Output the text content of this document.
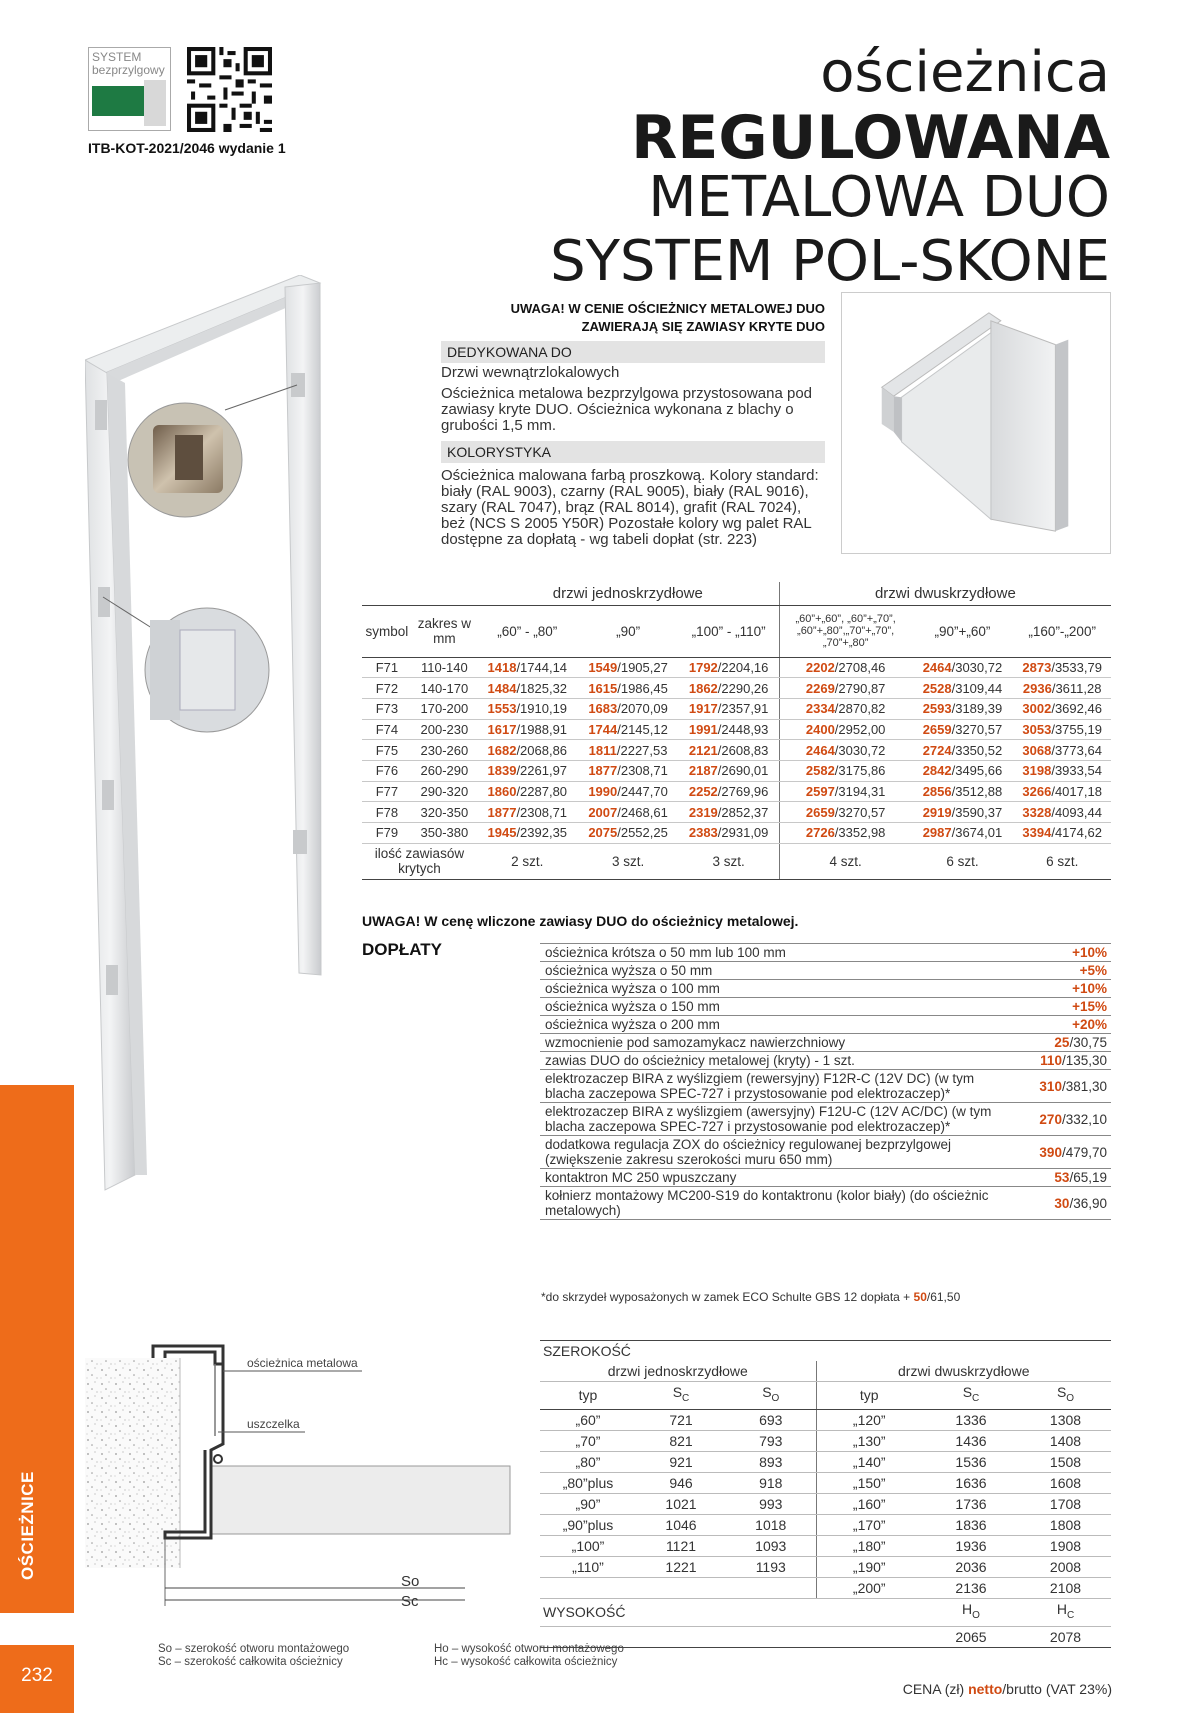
SYSTEM
bezprzylgowy
ITB-KOT-2021/2046 wydanie 1
ościeżnica
REGULOWANA
METALOWA DUO
SYSTEM POL-SKONE
UWAGA! W CENIE OŚCIEŻNICY METALOWEJ DUO
ZAWIERAJĄ SIĘ ZAWIASY KRYTE DUO
DEDYKOWANA DO
Drzwi wewnątrzlokalowych
Ościeżnica metalowa bezprzylgowa przystosowana pod zawiasy kryte DUO. Ościeżnica wykonana z blachy o grubości 1,5 mm.
KOLORYSTYKA
Ościeżnica malowana farbą proszkową. Kolory standard: biały (RAL 9003), czarny (RAL 9005), biały (RAL 9016), szary (RAL 7047), brąz (RAL 8014), grafit (RAL 7024), beż (NCS S 2005 Y50R) Pozostałe kolory wg palet RAL dostępne za dopłatą - wg tabeli dopłat (str. 223)
		drzwi jednoskrzydłowe			drzwi dwuskrzydłowe		
symbol	zakres w mm	„60” - „80”	„90”	„100” - „110”	„60”+„60”, „60”+„70”, „60”+„80”,„70”+„70”, „70”+„80”	„90”+„60”	„160”-„200”
F71	110-140	1418/1744,14	1549/1905,27	1792/2204,16	2202/2708,46	2464/3030,72	2873/3533,79
F72	140-170	1484/1825,32	1615/1986,45	1862/2290,26	2269/2790,87	2528/3109,44	2936/3611,28
F73	170-200	1553/1910,19	1683/2070,09	1917/2357,91	2334/2870,82	2593/3189,39	3002/3692,46
F74	200-230	1617/1988,91	1744/2145,12	1991/2448,93	2400/2952,00	2659/3270,57	3053/3755,19
F75	230-260	1682/2068,86	1811/2227,53	2121/2608,83	2464/3030,72	2724/3350,52	3068/3773,64
F76	260-290	1839/2261,97	1877/2308,71	2187/2690,01	2582/3175,86	2842/3495,66	3198/3933,54
F77	290-320	1860/2287,80	1990/2447,70	2252/2769,96	2597/3194,31	2856/3512,88	3266/4017,18
F78	320-350	1877/2308,71	2007/2468,61	2319/2852,37	2659/3270,57	2919/3590,37	3328/4093,44
F79	350-380	1945/2392,35	2075/2552,25	2383/2931,09	2726/3352,98	2987/3674,01	3394/4174,62
ilość zawiasów krytych		2 szt.	3 szt.	3 szt.	4 szt.	6 szt.	6 szt.
UWAGA! W cenę wliczone zawiasy DUO do ościeżnicy metalowej.
DOPŁATY	ościeżnica krótsza o 50 mm lub 100 mm	+10%
ościeżnica wyższa o 50 mm	+5%
ościeżnica wyższa o 100 mm	+10%
ościeżnica wyższa o 150 mm	+15%
ościeżnica wyższa o 200 mm	+20%
wzmocnienie pod samozamykacz nawierzchniowy	25/30,75
zawias DUO do ościeżnicy metalowej (kryty) - 1 szt.	110/135,30
elektrozaczep BIRA z wyślizgiem (rewersyjny) F12R-C (12V DC) (w tym blacha zaczepowa SPEC-727 i przystosowanie pod elektrozaczep)*	310/381,30
elektrozaczep BIRA z wyślizgiem (awersyjny) F12U-C (12V AC/DC) (w tym blacha zaczepowa SPEC-727 i przystosowanie pod elektrozaczep)*	270/332,10
dodatkowa regulacja ZOX do ościeżnicy regulowanej bezprzylgowej (zwiększenie zakresu szerokości muru 650 mm)	390/479,70
kontaktron MC 250 wpuszczany	53/65,19
kołnierz montażowy MC200-S19 do kontaktronu (kolor biały) (do ościeżnic metalowych)	30/36,90
*do skrzydeł wyposażonych w zamek ECO Schulte GBS 12 dopłata + 50/61,50
ościeżnica metalowa
uszczelka
So
Sc
SZEROKOŚĆ					
drzwi jednoskrzydłowe			drzwi dwuskrzydłowe		
typ	$S_C$	$S_O$	typ	$S_C$	$S_O$
„60”	721	693	„120”	1336	1308
„70”	821	793	„130”	1436	1408
„80”	921	893	„140”	1536	1508
„80”plus	946	918	„150”	1636	1608
„90”	1021	993	„160”	1736	1708
„90”plus	1046	1018	„170”	1836	1808
„100”	1121	1093	„180”	1936	1908
„110”	1221	1193	„190”	2036	2008
			„200”	2136	2108
WYSOKOŚĆ				$H_O$	$H_C$
				2065	2078
OŚCIEŻNICE
232
So – szerokość otworu montażowego
Sc – szerokość całkowita ościeżnicy
Ho – wysokość otworu montażowego
Hc – wysokość całkowita ościeżnicy
CENA (zł) netto/brutto (VAT 23%)
